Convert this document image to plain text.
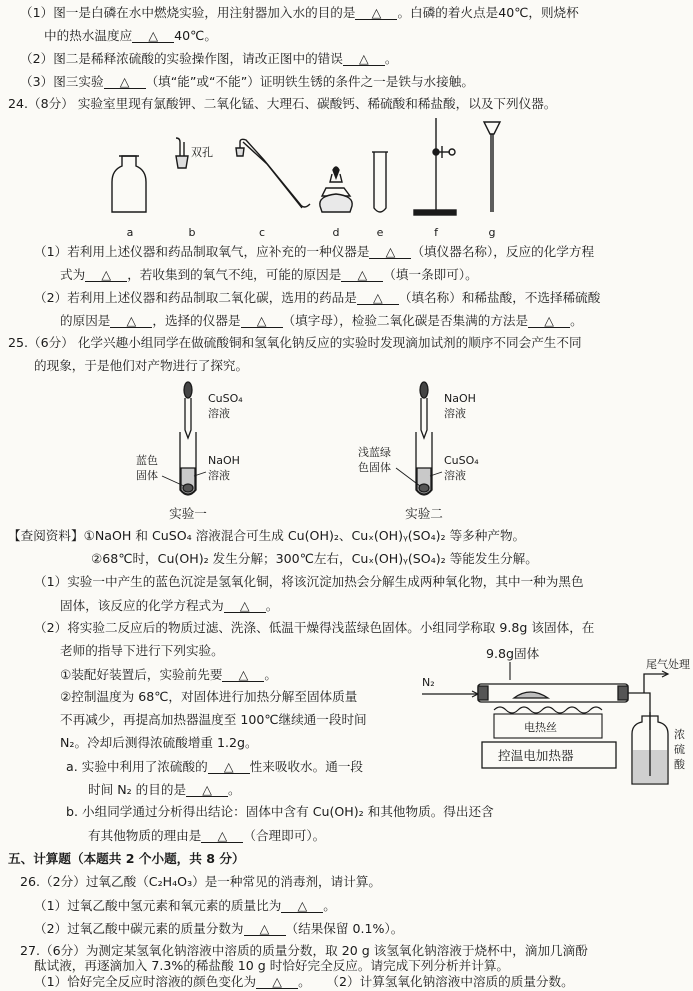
（1）图一是白磷在水中燃烧实验，用注射器加入水的目的是 △ 。白磷的着火点是40℃，则烧杯
中的热水温度应 △ 40℃。
（2）图二是稀释浓硫酸的实验操作图，请改正图中的错误 △ 。
（3）图三实验 △ （填“能”或“不能”）证明铁生锈的条件之一是铁与水接触。
24.（8分） 实验室里现有氯酸钾、二氧化锰、大理石、碳酸钙、稀硫酸和稀盐酸，以及下列仪器。
双孔
a	b	c	d	e	f	g
（1）若利用上述仪器和药品制取氧气，应补充的一种仪器是 △ （填仪器名称），反应的化学方程
式为 △ ，若收集到的氧气不纯，可能的原因是 △ （填一条即可）。
（2）若利用上述仪器和药品制取二氧化碳，选用的药品是 △ （填名称）和稀盐酸，不选择稀硫酸
的原因是 △ ，选择的仪器是 △ （填字母），检验二氧化碳是否集满的方法是 △ 。
25.（6分） 化学兴趣小组同学在做硫酸铜和氢氧化钠反应的实验时发现滴加试剂的顺序不同会产生不同
的现象，于是他们对产物进行了探究。
CuSO₄
溶液
蓝色
固体
NaOH
溶液
实验一
NaOH
溶液
浅蓝绿
色固体
CuSO₄
溶液
实验二
【查阅资料】①NaOH 和 CuSO₄ 溶液混合可生成 Cu(OH)₂、Cuₓ(OH)ᵧ(SO₄)₂ 等多种产物。
②68℃时，Cu(OH)₂ 发生分解；300℃左右，Cuₓ(OH)ᵧ(SO₄)₂ 等能发生分解。
（1）实验一中产生的蓝色沉淀是氢氧化铜，将该沉淀加热会分解生成两种氧化物，其中一种为黑色
固体，该反应的化学方程式为 △ 。
（2）将实验二反应后的物质过滤、洗涤、低温干燥得浅蓝绿色固体。小组同学称取 9.8g 该固体，在
老师的指导下进行下列实验。
①装配好装置后，实验前先要 △ 。
②控制温度为 68℃，对固体进行加热分解至固体质量
不再减少，再提高加热器温度至 100℃继续通一段时间
N₂。冷却后测得浓硫酸增重 1.2g。
a. 实验中利用了浓硫酸的 △ 性来吸收水。通一段
时间 N₂ 的目的是 △ 。
b. 小组同学通过分析得出结论：固体中含有 Cu(OH)₂ 和其他物质。得出还含
有其他物质的理由是 △ （合理即可）。
9.8g固体
N₂
电热丝
控温电加热器
尾气处理
浓
硫
酸
五、计算题（本题共 2 个小题，共 8 分）
26.（2分）过氧乙酸（C₂H₄O₃）是一种常见的消毒剂，请计算。
（1）过氧乙酸中氢元素和氧元素的质量比为 △ 。
（2）过氧乙酸中碳元素的质量分数为 △ （结果保留 0.1%）。
27.（6分）为测定某氢氧化钠溶液中溶质的质量分数，取 20 g 该氢氧化钠溶液于烧杯中，滴加几滴酚
酞试液，再逐滴加入 7.3%的稀盐酸 10 g 时恰好完全反应。请完成下列分析并计算。
（1）恰好完全反应时溶液的颜色变化为 △ 。 （2）计算氢氧化钠溶液中溶质的质量分数。
